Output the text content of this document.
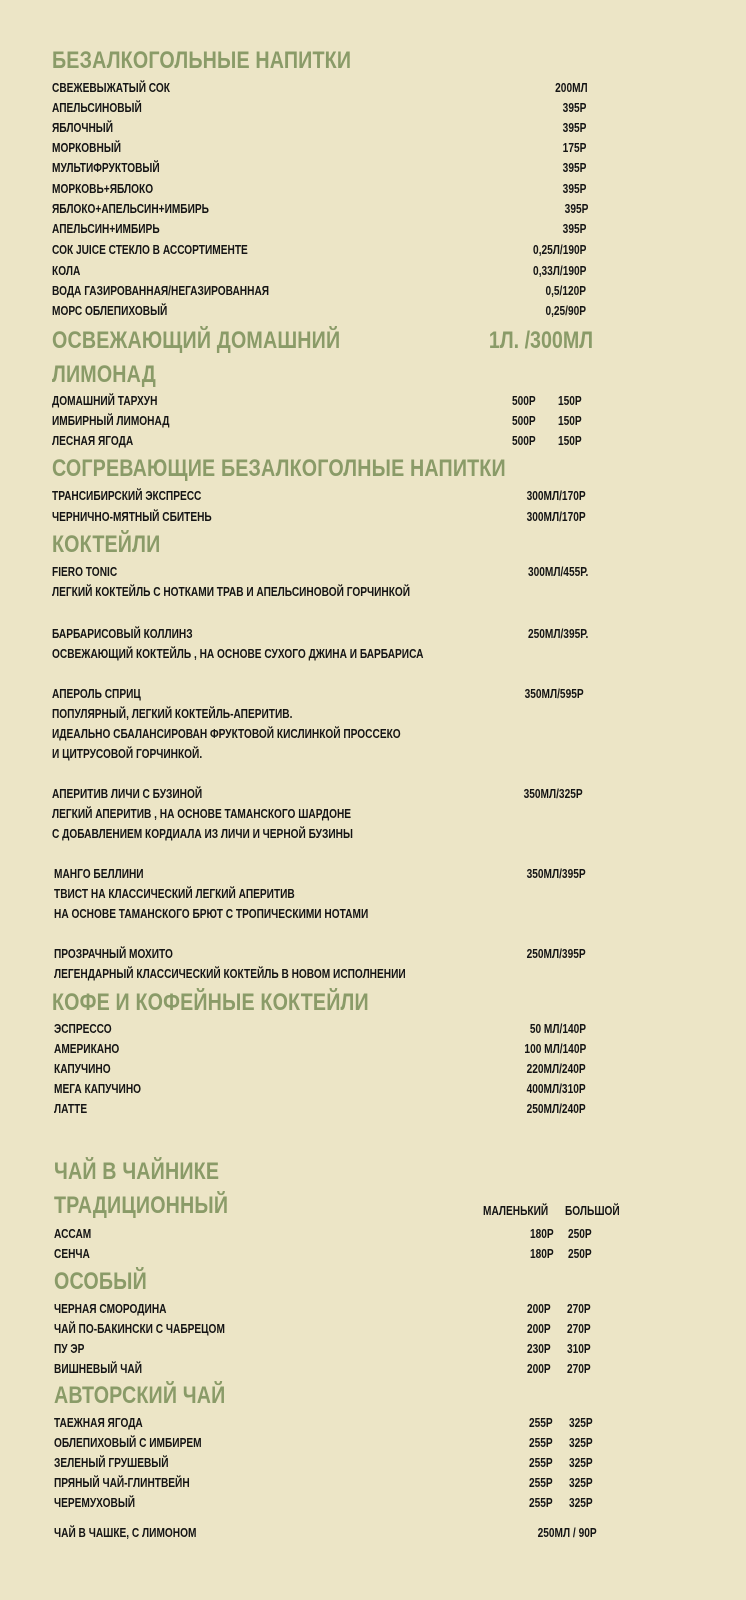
БЕЗАЛКОГОЛЬНЫЕ НАПИТКИ
СВЕЖЕВЫЖАТЫЙ СОК	200МЛ
АПЕЛЬСИНОВЫЙ	395Р
ЯБЛОЧНЫЙ	395Р
МОРКОВНЫЙ	175Р
МУЛЬТИФРУКТОВЫЙ	395Р
МОРКОВЬ+ЯБЛОКО	395Р
ЯБЛОКО+АПЕЛЬСИН+ИМБИРЬ	395Р
АПЕЛЬСИН+ИМБИРЬ	395Р
СОК JUICE СТЕКЛО В АССОРТИМЕНТЕ	0,25Л/190Р
КОЛА	0,33Л/190Р
ВОДА ГАЗИРОВАННАЯ/НЕГАЗИРОВАННАЯ	0,5/120Р
МОРС ОБЛЕПИХОВЫЙ	0,25/90Р
ОСВЕЖАЮЩИЙ ДОМАШНИЙ	1Л. /300МЛ
ЛИМОНАД
ДОМАШНИЙ ТАРХУН	500Р 150Р
ИМБИРНЫЙ ЛИМОНАД	500Р 150Р
ЛЕСНАЯ ЯГОДА	500Р 150Р
СОГРЕВАЮЩИЕ БЕЗАЛКОГОЛНЫЕ НАПИТКИ
ТРАНСИБИРСКИЙ ЭКСПРЕСС	300МЛ/170Р
ЧЕРНИЧНО-МЯТНЫЙ СБИТЕНЬ	300МЛ/170Р
КОКТЕЙЛИ
FIERO TONIC	300МЛ/455Р.
ЛЕГКИЙ КОКТЕЙЛЬ С НОТКАМИ ТРАВ И АПЕЛЬСИНОВОЙ ГОРЧИНКОЙ
БАРБАРИСОВЫЙ КОЛЛИНЗ	250МЛ/395Р.
ОСВЕЖАЮЩИЙ КОКТЕЙЛЬ , НА ОСНОВЕ СУХОГО ДЖИНА И БАРБАРИСА
АПЕРОЛЬ СПРИЦ	350МЛ/595Р
ПОПУЛЯРНЫЙ, ЛЕГКИЙ КОКТЕЙЛЬ-АПЕРИТИВ.
ИДЕАЛЬНО СБАЛАНСИРОВАН ФРУКТОВОЙ КИСЛИНКОЙ ПРОССЕКО
И ЦИТРУСОВОЙ ГОРЧИНКОЙ.
АПЕРИТИВ ЛИЧИ С БУЗИНОЙ	350МЛ/325Р
ЛЕГКИЙ АПЕРИТИВ , НА ОСНОВЕ ТАМАНСКОГО ШАРДОНЕ
С ДОБАВЛЕНИЕМ КОРДИАЛА ИЗ ЛИЧИ И ЧЕРНОЙ БУЗИНЫ
МАНГО БЕЛЛИНИ	350МЛ/395Р
ТВИСТ НА КЛАССИЧЕСКИЙ ЛЕГКИЙ АПЕРИТИВ
НА ОСНОВЕ ТАМАНСКОГО БРЮТ С ТРОПИЧЕСКИМИ НОТАМИ
ПРОЗРАЧНЫЙ МОХИТО	250МЛ/395Р
ЛЕГЕНДАРНЫЙ КЛАССИЧЕСКИЙ КОКТЕЙЛЬ В НОВОМ ИСПОЛНЕНИИ
КОФЕ И КОФЕЙНЫЕ КОКТЕЙЛИ
ЭСПРЕССО	50 МЛ/140Р
АМЕРИКАНО	100 МЛ/140Р
КАПУЧИНО	220МЛ/240Р
МЕГА КАПУЧИНО	400МЛ/310Р
ЛАТТЕ	250МЛ/240Р
ЧАЙ В ЧАЙНИКЕ
ТРАДИЦИОННЫЙ	МАЛЕНЬКИЙ БОЛЬШОЙ
АССАМ	180Р 250Р
СЕНЧА	180Р 250Р
ОСОБЫЙ
ЧЕРНАЯ СМОРОДИНА	200Р 270Р
ЧАЙ ПО-БАКИНСКИ С ЧАБРЕЦОМ	200Р 270Р
ПУ ЭР	230Р 310Р
ВИШНЕВЫЙ ЧАЙ	200Р 270Р
АВТОРСКИЙ ЧАЙ
ТАЕЖНАЯ ЯГОДА	255Р 325Р
ОБЛЕПИХОВЫЙ С ИМБИРЕМ	255Р 325Р
ЗЕЛЕНЫЙ ГРУШЕВЫЙ	255Р 325Р
ПРЯНЫЙ ЧАЙ-ГЛИНТВЕЙН	255Р 325Р
ЧЕРЕМУХОВЫЙ	255Р 325Р
ЧАЙ В ЧАШКЕ, С ЛИМОНОМ	250МЛ / 90Р
